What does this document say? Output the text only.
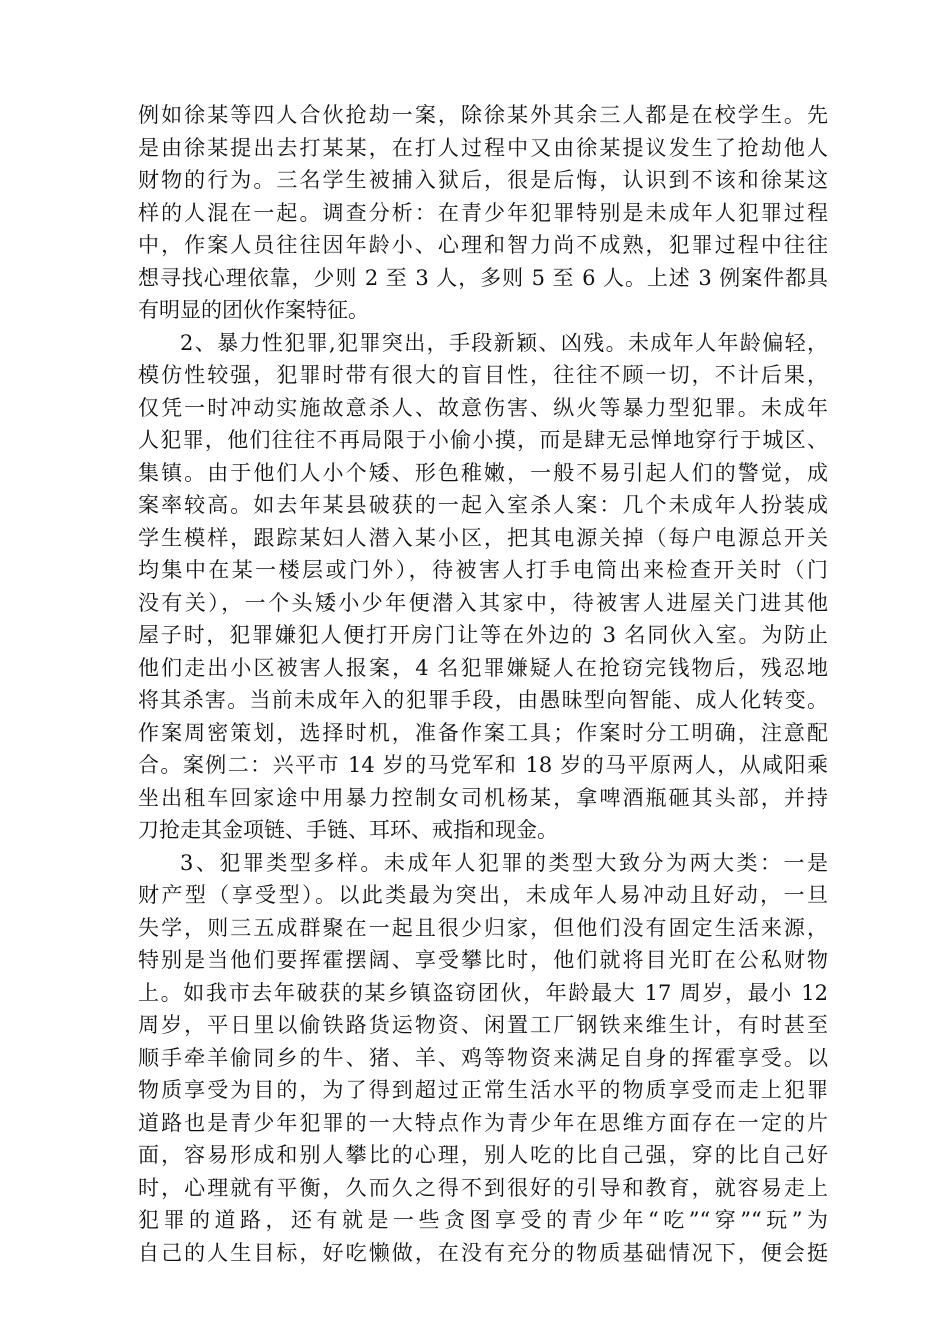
例如徐某等四人合伙抢劫一案，除徐某外其余三人都是在校学生。先
是由徐某提出去打某某，在打人过程中又由徐某提议发生了抢劫他人
财物的行为。三名学生被捕入狱后，很是后悔，认识到不该和徐某这
样的人混在一起。调查分析：在青少年犯罪特别是未成年人犯罪过程
中，作案人员往往因年龄小、心理和智力尚不成熟，犯罪过程中往往
想寻找心理依靠，少则 2 至 3 人，多则 5 至 6 人。上述 3 例案件都具
有明显的团伙作案特征。
2、暴力性犯罪,犯罪突出，手段新颖、凶残。未成年人年龄偏轻，
模仿性较强，犯罪时带有很大的盲目性，往往不顾一切，不计后果，
仅凭一时冲动实施故意杀人、故意伤害、纵火等暴力型犯罪。未成年
人犯罪，他们往往不再局限于小偷小摸，而是肆无忌惮地穿行于城区、
集镇。由于他们人小个矮、形色稚嫩，一般不易引起人们的警觉，成
案率较高。如去年某县破获的一起入室杀人案：几个未成年人扮装成
学生模样，跟踪某妇人潜入某小区，把其电源关掉（每户电源总开关
均集中在某一楼层或门外），待被害人打手电筒出来检查开关时（门
没有关），一个头矮小少年便潜入其家中，待被害人进屋关门进其他
屋子时，犯罪嫌犯人便打开房门让等在外边的 3 名同伙入室。为防止
他们走出小区被害人报案，4 名犯罪嫌疑人在抢窃完钱物后，残忍地
将其杀害。当前未成年入的犯罪手段，由愚昧型向智能、成人化转变。
作案周密策划，选择时机，准备作案工具；作案时分工明确，注意配
合。案例二：兴平市 14 岁的马党军和 18 岁的马平原两人，从咸阳乘
坐出租车回家途中用暴力控制女司机杨某，拿啤酒瓶砸其头部，并持
刀抢走其金项链、手链、耳环、戒指和现金。
3、犯罪类型多样。未成年人犯罪的类型大致分为两大类：一是
财产型（享受型）。以此类最为突出，未成年人易冲动且好动，一旦
失学，则三五成群聚在一起且很少归家，但他们没有固定生活来源，
特别是当他们要挥霍摆阔、享受攀比时，他们就将目光盯在公私财物
上。如我市去年破获的某乡镇盗窃团伙，年龄最大 17 周岁，最小 12
周岁，平日里以偷铁路货运物资、闲置工厂钢铁来维生计，有时甚至
顺手牵羊偷同乡的牛、猪、羊、鸡等物资来满足自身的挥霍享受。以
物质享受为目的，为了得到超过正常生活水平的物质享受而走上犯罪
道路也是青少年犯罪的一大特点作为青少年在思维方面存在一定的片
面，容易形成和别人攀比的心理，别人吃的比自己强，穿的比自己好
时，心理就有平衡，久而久之得不到很好的引导和教育，就容易走上
犯罪的道路，还有就是一些贪图享受的青少年“吃”“穿”“玩”为
自己的人生目标，好吃懒做，在没有充分的物质基础情况下，便会挺
